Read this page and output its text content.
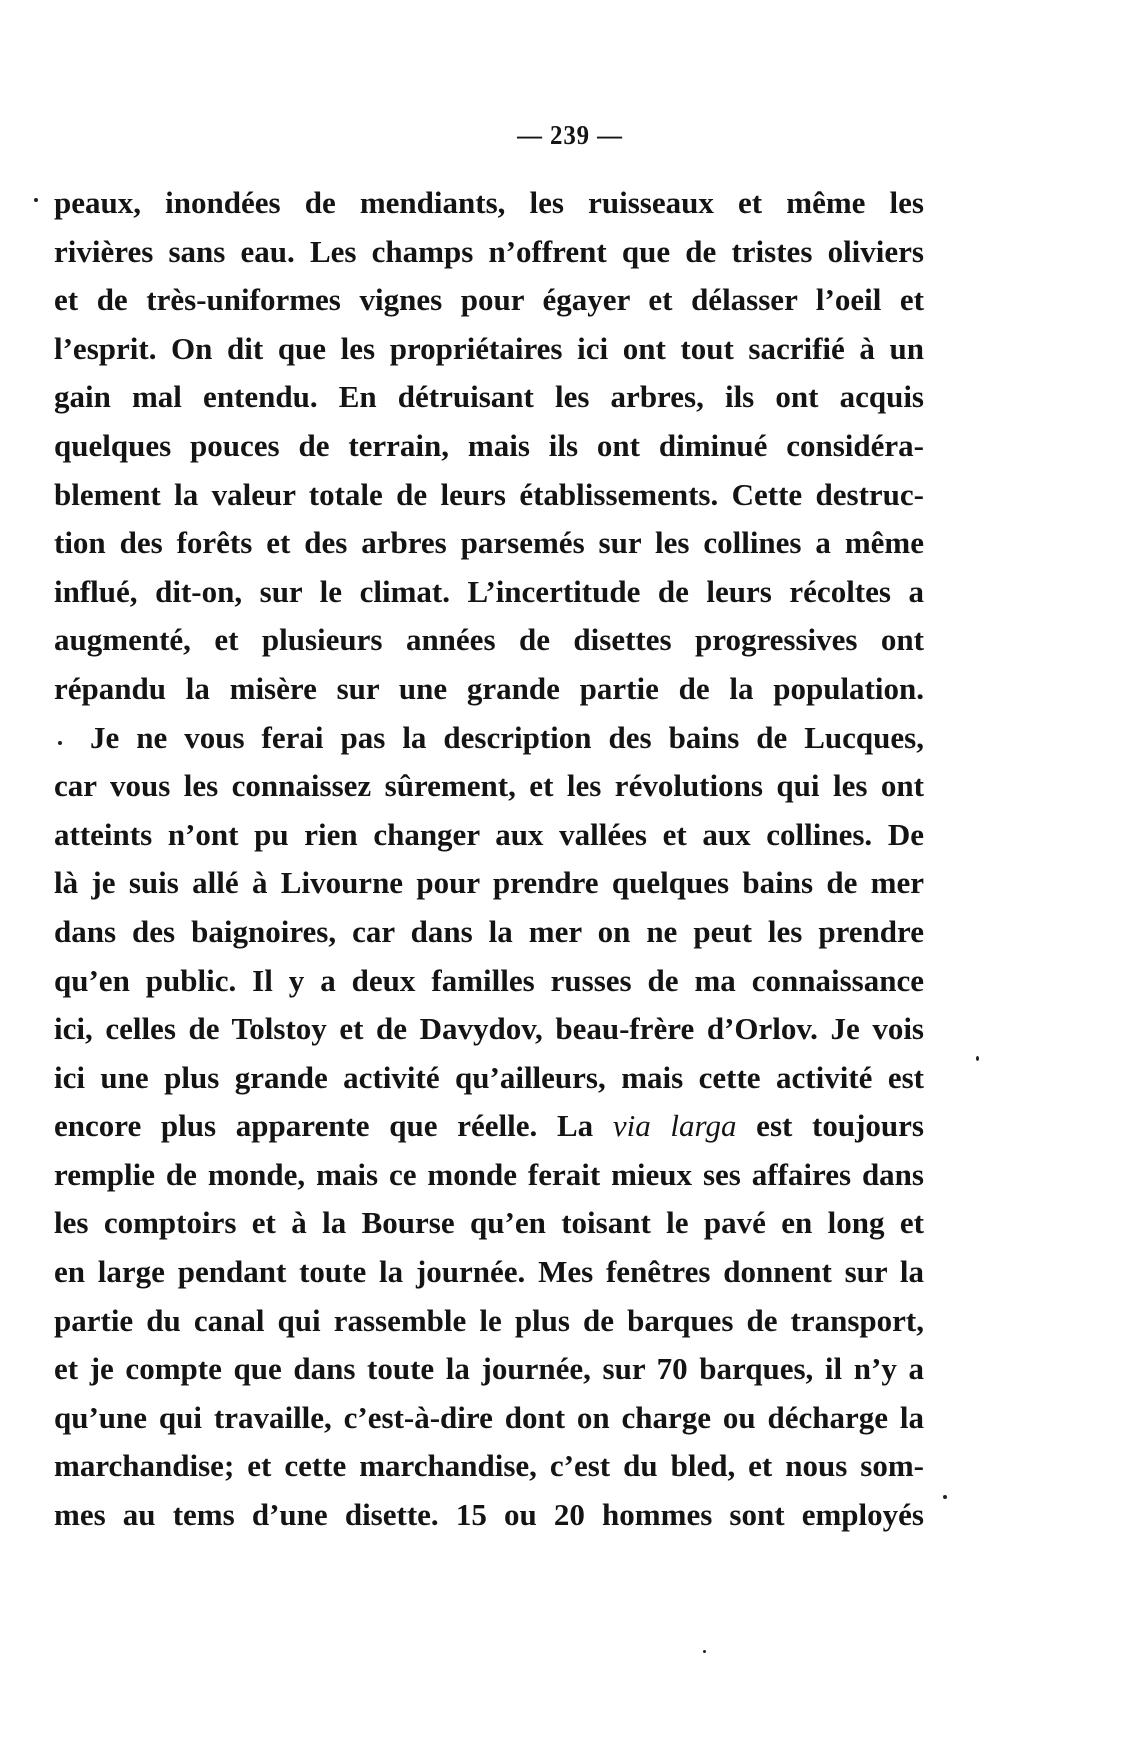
— 239 —
peaux, inondées de mendiants, les ruisseaux et même les
rivières sans eau. Les champs n’offrent que de tristes oliviers
et de très-uniformes vignes pour égayer et délasser l’oeil et
l’esprit. On dit que les propriétaires ici ont tout sacrifié à un
gain mal entendu. En détruisant les arbres, ils ont acquis
quelques pouces de terrain, mais ils ont diminué considéra-
blement la valeur totale de leurs établissements. Cette destruc-
tion des forêts et des arbres parsemés sur les collines a même
influé, dit-on, sur le climat. L’incertitude de leurs récoltes a
augmenté, et plusieurs années de disettes progressives ont
répandu la misère sur une grande partie de la population.
Je ne vous ferai pas la description des bains de Lucques,
car vous les connaissez sûrement, et les révolutions qui les ont
atteints n’ont pu rien changer aux vallées et aux collines. De
là je suis allé à Livourne pour prendre quelques bains de mer
dans des baignoires, car dans la mer on ne peut les prendre
qu’en public. Il y a deux familles russes de ma connaissance
ici, celles de Tolstoy et de Davydov, beau-frère d’Orlov. Je vois
ici une plus grande activité qu’ailleurs, mais cette activité est
encore plus apparente que réelle. La via larga est toujours
remplie de monde, mais ce monde ferait mieux ses affaires dans
les comptoirs et à la Bourse qu’en toisant le pavé en long et
en large pendant toute la journée. Mes fenêtres donnent sur la
partie du canal qui rassemble le plus de barques de transport,
et je compte que dans toute la journée, sur 70 barques, il n’y a
qu’une qui travaille, c’est-à-dire dont on charge ou décharge la
marchandise; et cette marchandise, c’est du bled, et nous som-
mes au tems d’une disette. 15 ou 20 hommes sont employés
